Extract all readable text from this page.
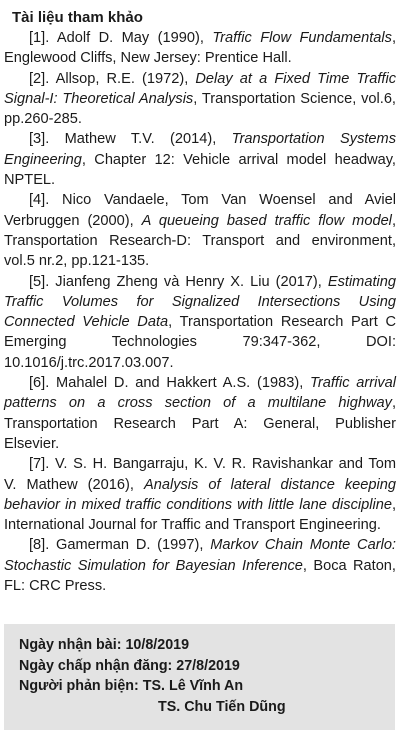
Tài liệu tham khảo

[1]. Adolf D. May (1990), Traffic Flow Fundamentals, Englewood Cliffs, New Jersey: Prentice Hall.

[2]. Allsop, R.E. (1972), Delay at a Fixed Time Traffic Signal-I: Theoretical Analysis, Transportation Science, vol.6, pp.260-285.

[3]. Mathew T.V. (2014), Transportation Systems Engineering, Chapter 12: Vehicle arrival model headway, NPTEL.

[4]. Nico Vandaele, Tom Van Woensel and Aviel Verbruggen (2000), A queueing based traffic flow model, Transportation Research-D: Transport and environment, vol.5 nr.2, pp.121-135.

[5]. Jianfeng Zheng và Henry X. Liu (2017), Estimating Traffic Volumes for Signalized Intersections Using Connected Vehicle Data, Transportation Research Part C Emerging Technologies 79:347-362, DOI: 10.1016/j.trc.2017.03.007.

[6]. Mahalel D. and Hakkert A.S. (1983), Traffic arrival patterns on a cross section of a multilane highway, Transportation Research Part A: General, Publisher Elsevier.

[7]. V. S. H. Bangarraju, K. V. R. Ravishankar and Tom V. Mathew (2016), Analysis of lateral distance keeping behavior in mixed traffic conditions with little lane discipline, International Journal for Traffic and Transport Engineering.

[8]. Gamerman D. (1997), Markov Chain Monte Carlo: Stochastic Simulation for Bayesian Inference, Boca Raton, FL: CRC Press.

Ngày nhận bài: 10/8/2019
Ngày chấp nhận đăng: 27/8/2019
Người phản biện: TS. Lê Vĩnh An
TS. Chu Tiến Dũng
